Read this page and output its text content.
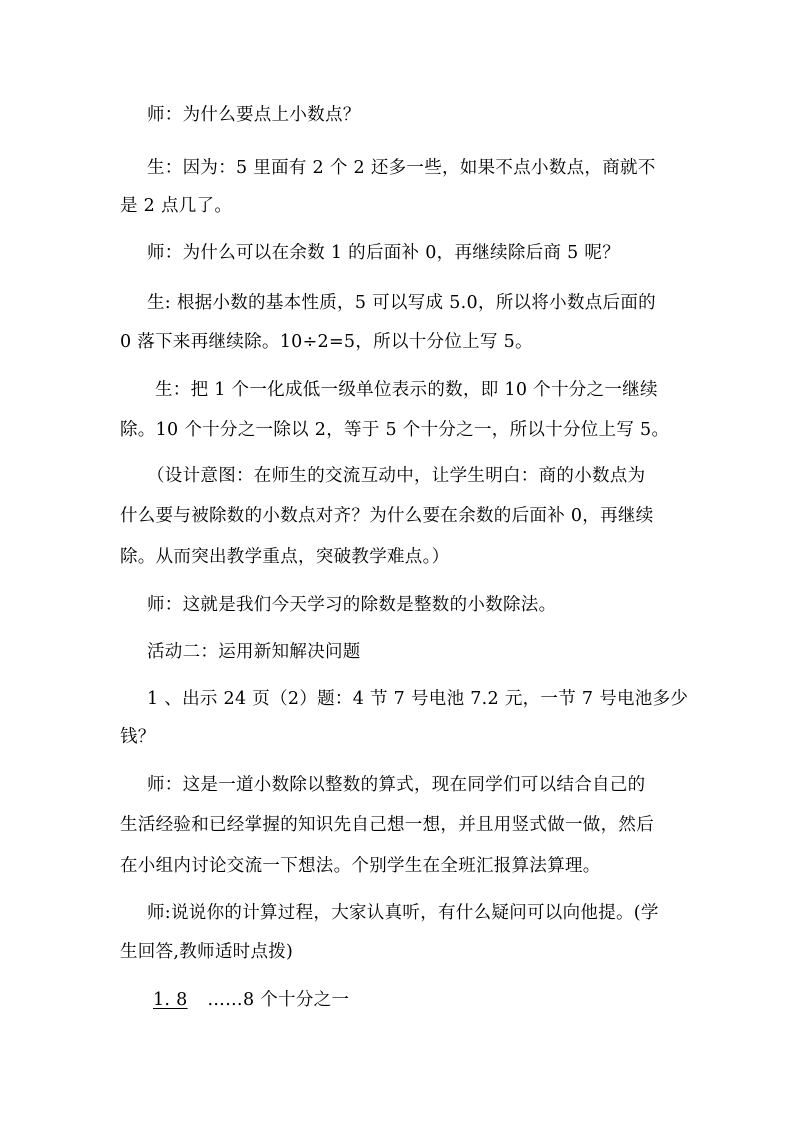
师：为什么要点上小数点？
生：因为：5 里面有 2 个 2 还多一些，如果不点小数点，商就不
是 2 点几了。
师：为什么可以在余数 1 的后面补 0，再继续除后商 5 呢？
生: 根据小数的基本性质，5 可以写成 5.0，所以将小数点后面的
0 落下来再继续除。10÷2=5，所以十分位上写 5。
生：把 1 个一化成低一级单位表示的数，即 10 个十分之一继续
除。10 个十分之一除以 2，等于 5 个十分之一，所以十分位上写 5。
（设计意图：在师生的交流互动中，让学生明白：商的小数点为
什么要与被除数的小数点对齐？为什么要在余数的后面补 0，再继续
除。从而突出教学重点，突破教学难点。）
师：这就是我们今天学习的除数是整数的小数除法。
活动二：运用新知解决问题
1 、出示 24 页（2）题：4 节 7 号电池 7.2 元，一节 7 号电池多少
钱？
师：这是一道小数除以整数的算式，现在同学们可以结合自己的
生活经验和已经掌握的知识先自己想一想，并且用竖式做一做，然后
在小组内讨论交流一下想法。个别学生在全班汇报算法算理。
师:说说你的计算过程，大家认真听，有什么疑问可以向他提。(学
生回答,教师适时点拨)
1. 8 ……8 个十分之一
